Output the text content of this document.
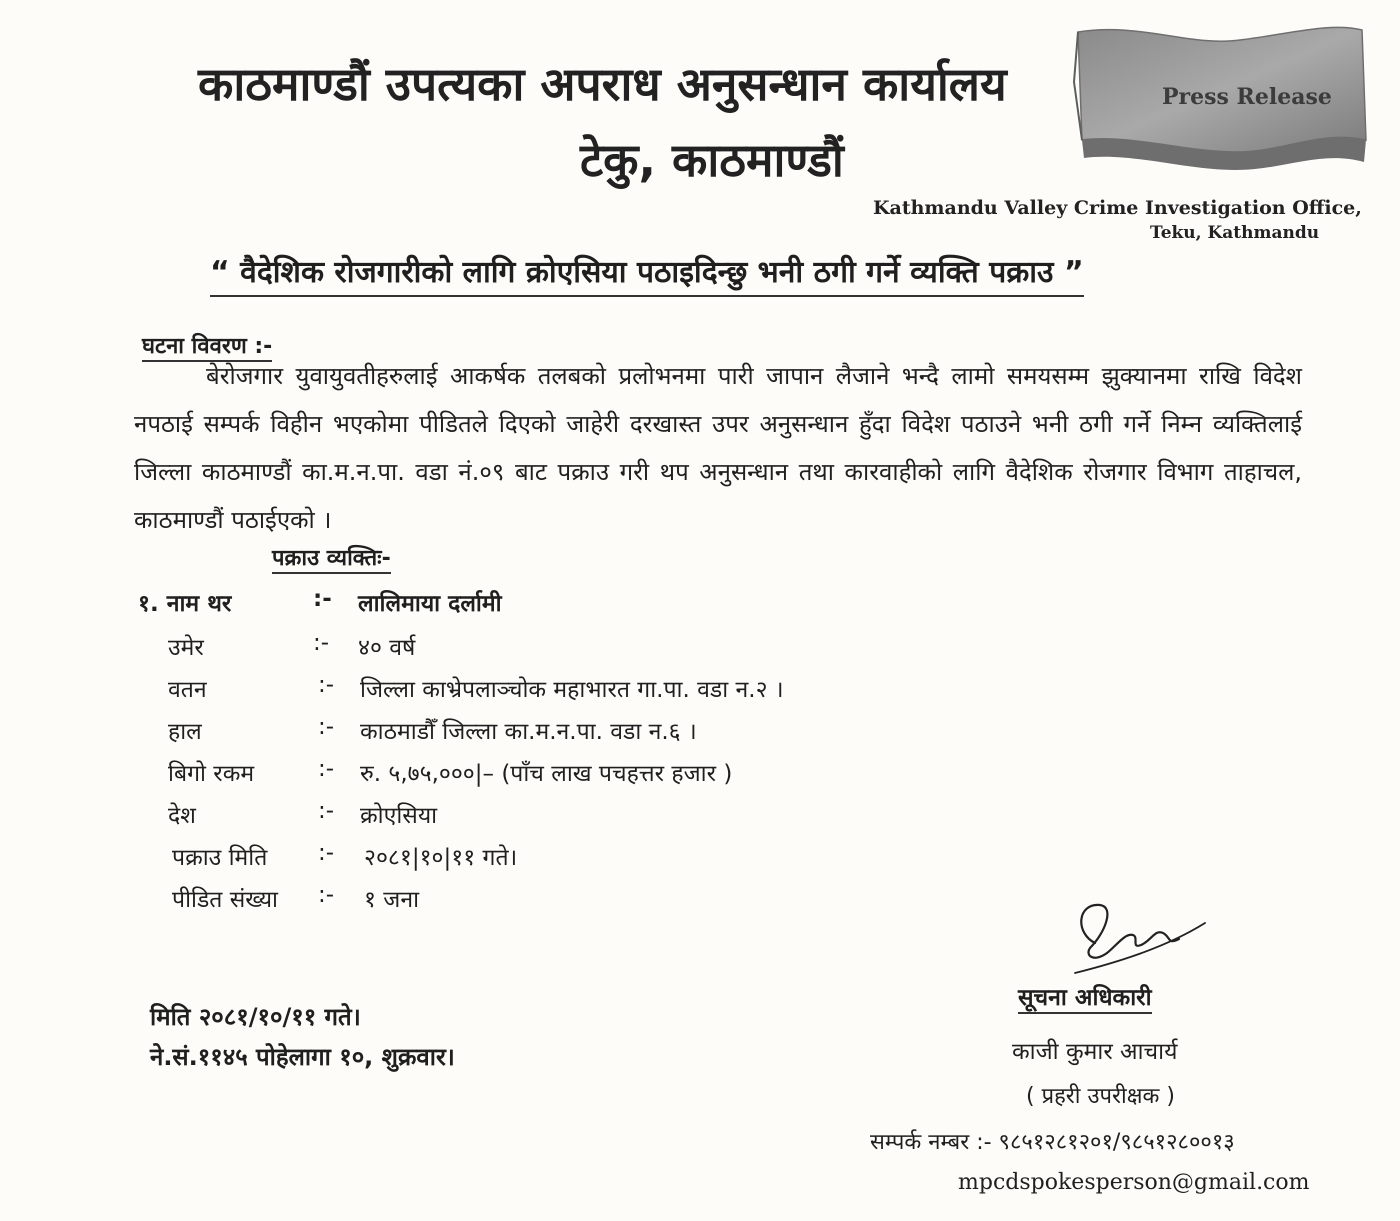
काठमाण्डौं उपत्यका अपराध अनुसन्धान कार्यालय
टेकु, काठमाण्डौं
Press Release
Kathmandu Valley Crime Investigation Office,
Teku, Kathmandu
“ वैदेशिक रोजगारीको लागि क्रोएसिया पठाइदिन्छु भनी ठगी गर्ने व्यक्ति पक्राउ ”
घटना विवरण :-
बेरोजगार युवायुवतीहरुलाई आकर्षक तलबको प्रलोभनमा पारी जापान लैजाने भन्दै लामो समयसम्म झुक्यानमा राखि विदेश नपठाई सम्पर्क विहीन भएकोमा पीडितले दिएको जाहेरी दरखास्त उपर अनुसन्धान हुँदा विदेश पठाउने भनी ठगी गर्ने निम्न व्यक्तिलाई जिल्ला काठमाण्डौं का.म.न.पा. वडा नं.०९ बाट पक्राउ गरी थप अनुसन्धान तथा कारवाहीको लागि वैदेशिक रोजगार विभाग ताहाचल, काठमाण्डौं पठाईएको ।
पक्राउ व्यक्तिः-
१. नाम थर	:- लालिमाया दर्लामी
उमेर	:- ४० वर्ष
वतन	:- जिल्ला काभ्रेपलाञ्चोक महाभारत गा.पा. वडा न.२ ।
हाल	:- काठमाडौँ जिल्ला का.म.न.पा. वडा न.६ ।
बिगो रकम	:- रु. ५,७५,०००|– (पाँच लाख पचहत्तर हजार )
देश	:- क्रोएसिया
पक्राउ मिति :- २०८१|१०|११ गते।
पीडित संख्या :- १ जना
सूचना अधिकारी
काजी कुमार आचार्य
( प्रहरी उपरीक्षक )
सम्पर्क नम्बर :- ९८५१२८१२०१/९८५१२८००१३
mpcdspokesperson@gmail.com
मिति २०८१/१०/११ गते।
ने.सं.११४५ पोहेलागा १०, शुक्रवार।
